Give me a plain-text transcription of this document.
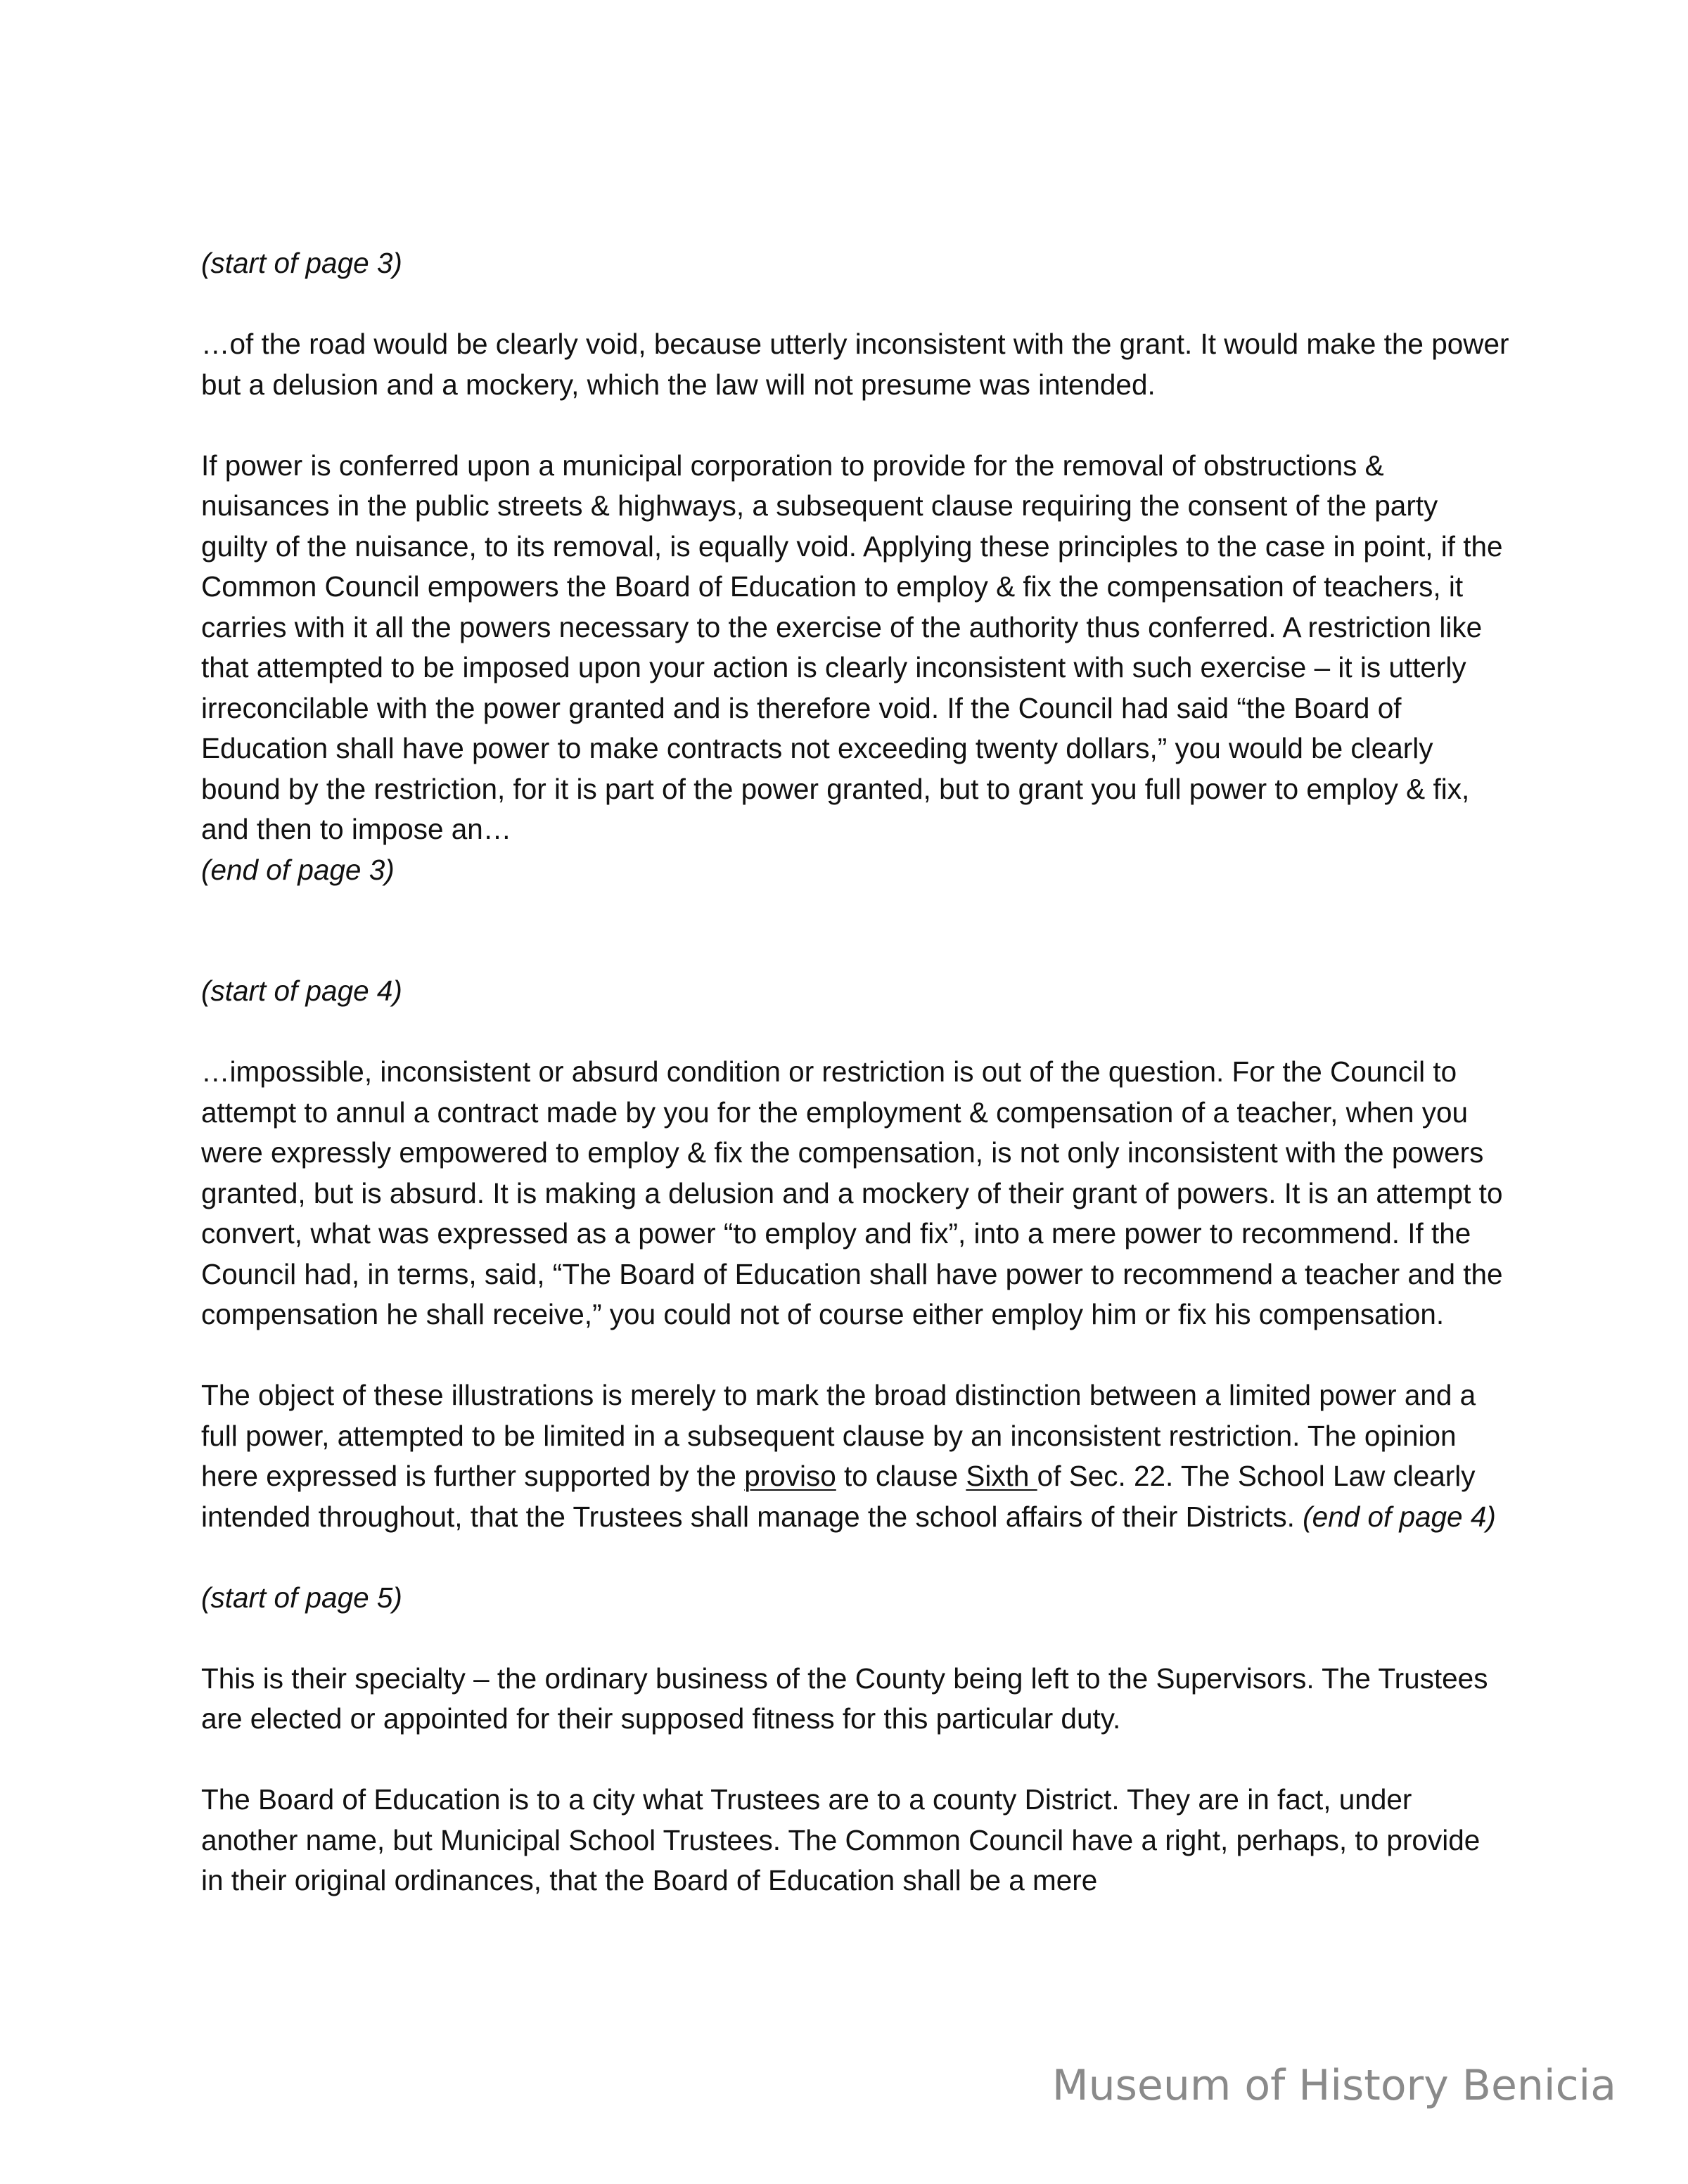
(start of page 3)

…of the road would be clearly void, because utterly inconsistent with the grant. It would make the power but a delusion and a mockery, which the law will not presume was intended.

If power is conferred upon a municipal corporation to provide for the removal of obstructions & nuisances in the public streets & highways, a subsequent clause requiring the consent of the party guilty of the nuisance, to its removal, is equally void. Applying these principles to the case in point, if the Common Council empowers the Board of Education to employ & fix the compensation of teachers, it carries with it all the powers necessary to the exercise of the authority thus conferred. A restriction like that attempted to be imposed upon your action is clearly inconsistent with such exercise – it is utterly irreconcilable with the power granted and is therefore void. If the Council had said “the Board of Education shall have power to make contracts not exceeding twenty dollars,” you would be clearly bound by the restriction, for it is part of the power granted, but to grant you full power to employ & fix, and then to impose an…

(end of page 3)

(start of page 4)

…impossible, inconsistent or absurd condition or restriction is out of the question. For the Council to attempt to annul a contract made by you for the employment & compensation of a teacher, when you were expressly empowered to employ & fix the compensation, is not only inconsistent with the powers granted, but is absurd. It is making a delusion and a mockery of their grant of powers. It is an attempt to convert, what was expressed as a power “to employ and fix”, into a mere power to recommend. If the Council had, in terms, said, “The Board of Education shall have power to recommend a teacher and the compensation he shall receive,” you could not of course either employ him or fix his compensation.

The object of these illustrations is merely to mark the broad distinction between a limited power and a full power, attempted to be limited in a subsequent clause by an inconsistent restriction. The opinion here expressed is further supported by the proviso to clause Sixth of Sec. 22. The School Law clearly intended throughout, that the Trustees shall manage the school affairs of their Districts. (end of page 4)

(start of page 5)

This is their specialty – the ordinary business of the County being left to the Supervisors. The Trustees are elected or appointed for their supposed fitness for this particular duty.

The Board of Education is to a city what Trustees are to a county District. They are in fact, under another name, but Municipal School Trustees. The Common Council have a right, perhaps, to provide in their original ordinances, that the Board of Education shall be a mere

Museum of History Benicia
